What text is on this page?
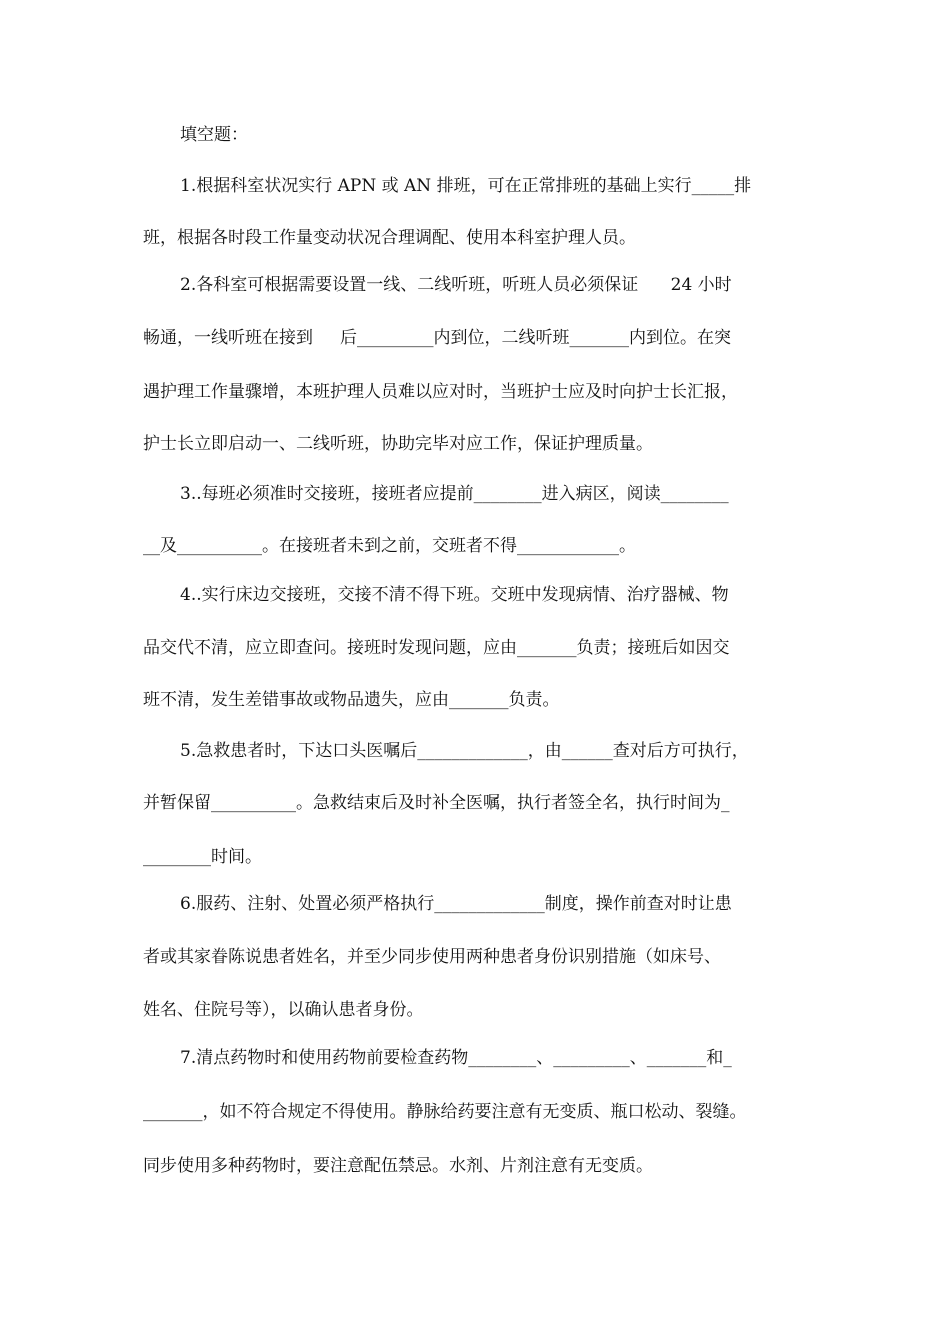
填空题：
1.根据科室状况实行 APN 或 AN 排班，可在正常排班的基础上实行_____排
班，根据各时段工作量变动状况合理调配、使用本科室护理人员。
2.各科室可根据需要设置一线、二线听班，听班人员必须保证      24 小时
畅通，一线听班在接到     后_________内到位，二线听班_______内到位。在突
遇护理工作量骤增，本班护理人员难以应对时，当班护士应及时向护士长汇报，
护士长立即启动一、二线听班，协助完毕对应工作，保证护理质量。
3..每班必须准时交接班，接班者应提前________进入病区，阅读________
__及__________。在接班者未到之前，交班者不得____________。
4..实行床边交接班，交接不清不得下班。交班中发现病情、治疗器械、物
品交代不清，应立即查问。接班时发现问题，应由_______负责；接班后如因交
班不清，发生差错事故或物品遗失，应由_______负责。
5.急救患者时，下达口头医嘱后_____________，由______查对后方可执行，
并暂保留__________。急救结束后及时补全医嘱，执行者签全名，执行时间为_
________时间。
6.服药、注射、处置必须严格执行_____________制度，操作前查对时让患
者或其家眷陈说患者姓名，并至少同步使用两种患者身份识别措施（如床号、
姓名、住院号等），以确认患者身份。
7.清点药物时和使用药物前要检查药物________、_________、_______和_
_______，如不符合规定不得使用。静脉给药要注意有无变质、瓶口松动、裂缝。
同步使用多种药物时，要注意配伍禁忌。水剂、片剂注意有无变质。
